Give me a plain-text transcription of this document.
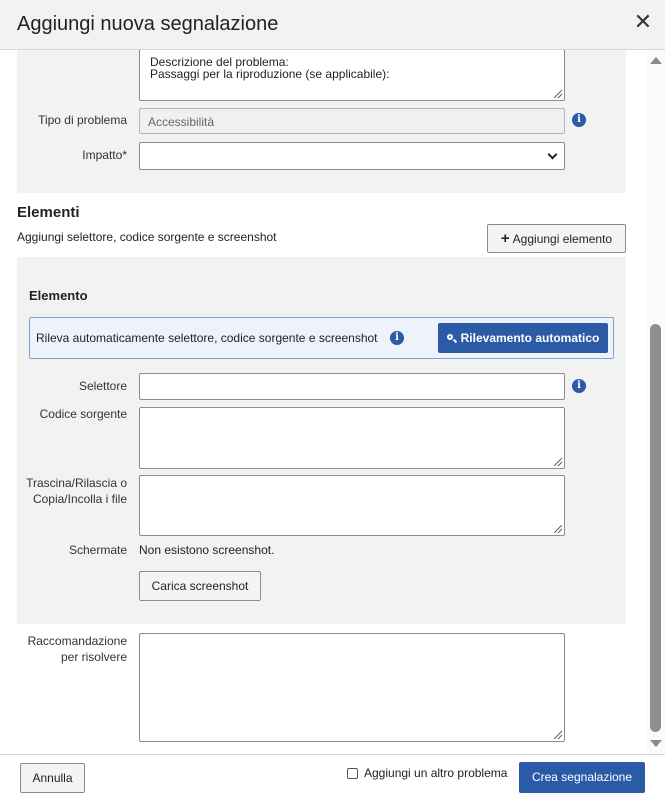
Aggiungi nuova segnalazione	✕
Descrizione del problema:
Passaggi per la riproduzione (se applicabile):
Tipo di problema	Accessibilità	i
Impatto*
Elementi
Aggiungi selettore, codice sorgente e screenshot	+ Aggiungi elemento
Elemento
Rileva automaticamente selettore, codice sorgente e screenshot	i	Rilevamento automatico
Selettore	i
Codice sorgente
Trascina/Rilascia o
Copia/Incolla i file
Schermate Non esistono screenshot.
Carica screenshot
Raccomandazione
per risolvere
Annulla	Aggiungi un altro problema	Crea segnalazione
